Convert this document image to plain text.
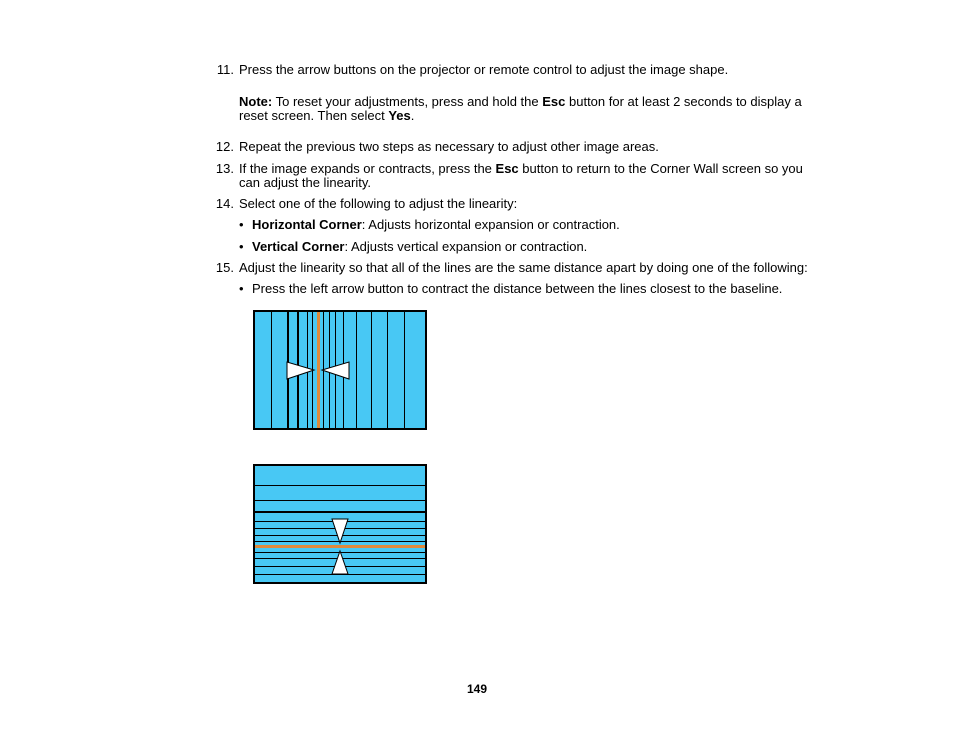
11. Press the arrow buttons on the projector or remote control to adjust the image shape.
Note: To reset your adjustments, press and hold the Esc button for at least 2 seconds to display a
reset screen. Then select Yes.
12. Repeat the previous two steps as necessary to adjust other image areas.
13. If the image expands or contracts, press the Esc button to return to the Corner Wall screen so you
can adjust the linearity.
14. Select one of the following to adjust the linearity:
• Horizontal Corner: Adjusts horizontal expansion or contraction.
• Vertical Corner: Adjusts vertical expansion or contraction.
15. Adjust the linearity so that all of the lines are the same distance apart by doing one of the following:
• Press the left arrow button to contract the distance between the lines closest to the baseline.
149
